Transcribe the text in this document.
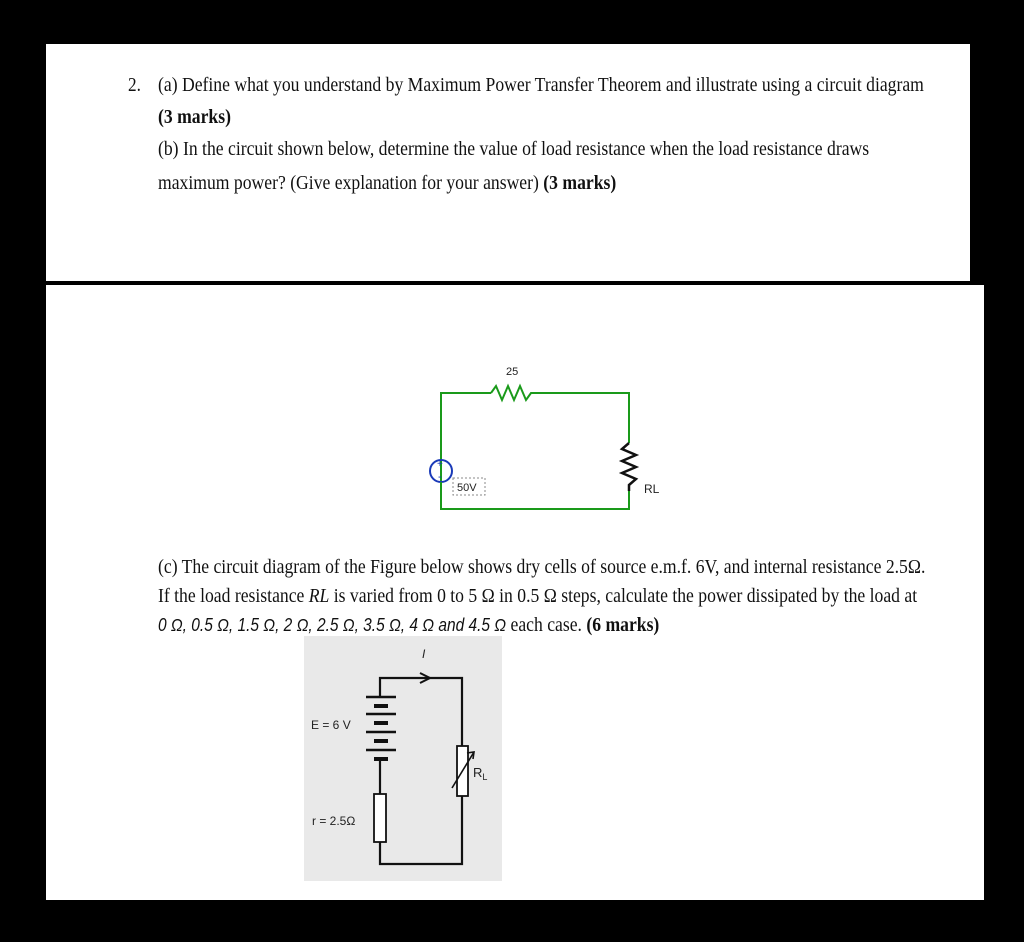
2. (a) Define what you understand by Maximum Power Transfer Theorem and illustrate using a circuit diagram
(3 marks)
(b) In the circuit shown below, determine the value of load resistance when the load resistance draws
maximum power? (Give explanation for your answer) (3 marks)
25
+
-
50V	RL
(c) The circuit diagram of the Figure below shows dry cells of source e.m.f. 6V, and internal resistance 2.5Ω.
If the load resistance RL is varied from 0 to 5 Ω in 0.5 Ω steps, calculate the power dissipated by the load at
0 Ω, 0.5 Ω, 1.5 Ω, 2 Ω, 2.5 Ω, 3.5 Ω, 4 Ω and 4.5 Ω each case. (6 marks)
I
E = 6 V
r = 2.5Ω
$R_L$
